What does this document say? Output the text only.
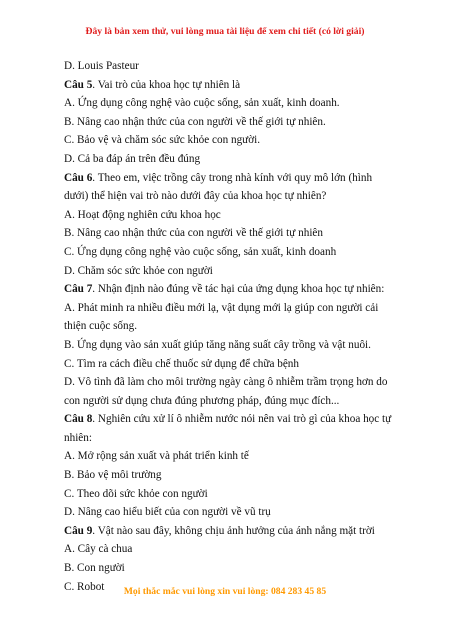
Đây là bản xem thử, vui lòng mua tài liệu để xem chi tiết (có lời giải)
D. Louis Pasteur
Câu 5. Vai trò của khoa học tự nhiên là
A. Ứng dụng công nghệ vào cuộc sống, sản xuất, kinh doanh.
B. Nâng cao nhận thức của con người về thế giới tự nhiên.
C. Bảo vệ và chăm sóc sức khỏe con người.
D. Cả ba đáp án trên đều đúng
Câu 6. Theo em, việc trồng cây trong nhà kính với quy mô lớn (hình dưới) thể hiện vai trò nào dưới đây của khoa học tự nhiên?
A. Hoạt động nghiên cứu khoa học
B. Nâng cao nhận thức của con người về thế giới tự nhiên
C. Ứng dụng công nghệ vào cuộc sống, sản xuất, kinh doanh
D. Chăm sóc sức khỏe con người
Câu 7. Nhận định nào đúng về tác hại của ứng dụng khoa học tự nhiên:
A. Phát minh ra nhiều điều mới lạ, vật dụng mới lạ giúp con người cải thiện cuộc sống.
B. Ứng dụng vào sản xuất giúp tăng năng suất cây trồng và vật nuôi.
C. Tìm ra cách điều chế thuốc sử dụng để chữa bệnh
D. Vô tình đã làm cho môi trường ngày càng ô nhiễm trầm trọng hơn do con người sử dụng chưa đúng phương pháp, đúng mục đích...
Câu 8. Nghiên cứu xử lí ô nhiễm nước nói nên vai trò gì của khoa học tự nhiên:
A. Mở rộng sản xuất và phát triển kinh tế
B. Bảo vệ môi trường
C. Theo dõi sức khỏe con người
D. Nâng cao hiểu biết của con người về vũ trụ
Câu 9. Vật nào sau đây, không chịu ảnh hưởng của ánh nắng mặt trời
A. Cây cà chua
B. Con người
C. Robot	Mọi thắc mắc vui lòng xin vui lòng: 084 283 45 85
